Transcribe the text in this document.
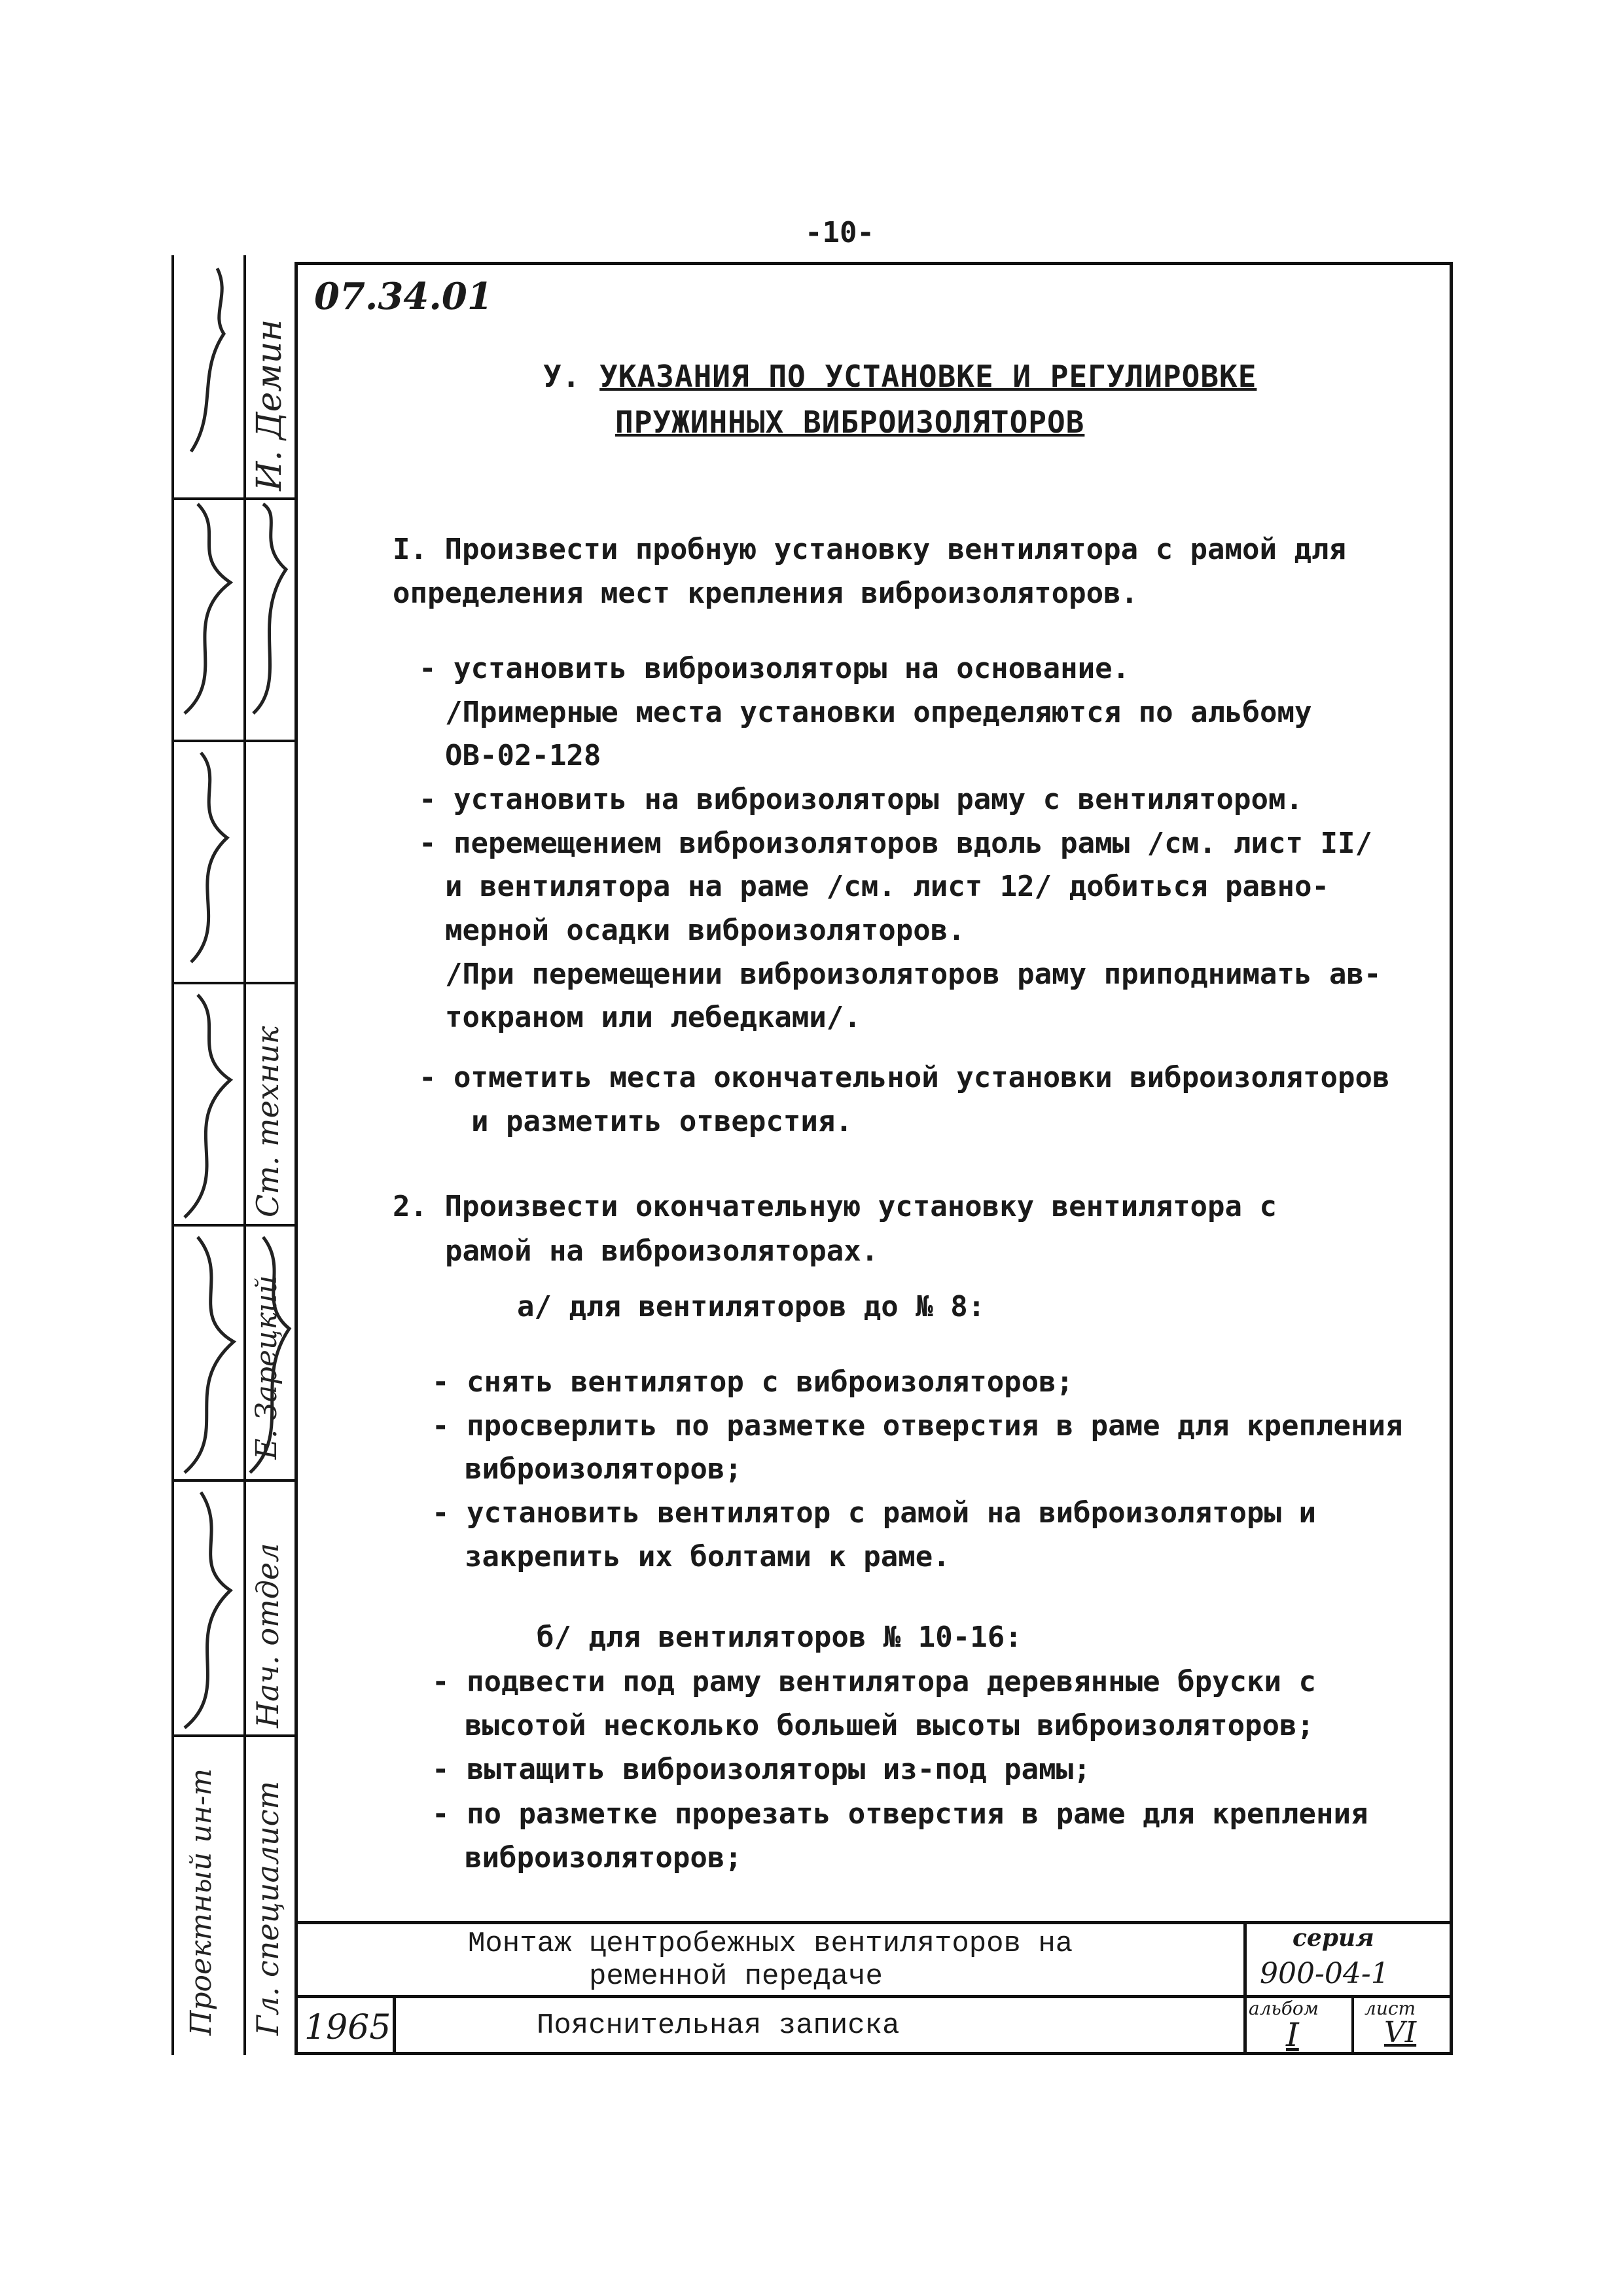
-10-
И. Демин
Е. Зарецкий
Ст. техник
Нач. отдел
Гл. специалист
Проектный ин-т
07.34.01
У. УКАЗАНИЯ ПО УСТАНОВКЕ И РЕГУЛИРОВКЕ
ПРУЖИННЫХ ВИБРОИЗОЛЯТОРОВ
I. Произвести пробную установку вентилятора с рамой для
определения мест крепления виброизоляторов.
- установить виброизоляторы на основание.
/Примерные места установки определяются по альбому
ОВ-02-128
- установить на виброизоляторы раму с вентилятором.
- перемещением виброизоляторов вдоль рамы /см. лист II/
и вентилятора на раме /см. лист 12/ добиться равно-
мерной осадки виброизоляторов.
/При перемещении виброизоляторов раму приподнимать ав-
токраном или лебедками/.
- отметить места окончательной установки виброизоляторов
и разметить отверстия.
2. Произвести окончательную установку вентилятора с
рамой на виброизоляторах.
а/ для вентиляторов до № 8:
- снять вентилятор с виброизоляторов;
- просверлить по разметке отверстия в раме для крепления
виброизоляторов;
- установить вентилятор с рамой на виброизоляторы и
закрепить их болтами к раме.
б/ для вентиляторов № 10-16:
- подвести под раму вентилятора деревянные бруски с
высотой несколько большей высоты виброизоляторов;
- вытащить виброизоляторы из-под рамы;
- по разметке прорезать отверстия в раме для крепления
виброизоляторов;
Монтаж центробежных вентиляторов на
ременной передаче
серия
900-04-1
1965	Пояснительная записка
альбом
I
лист
VI
